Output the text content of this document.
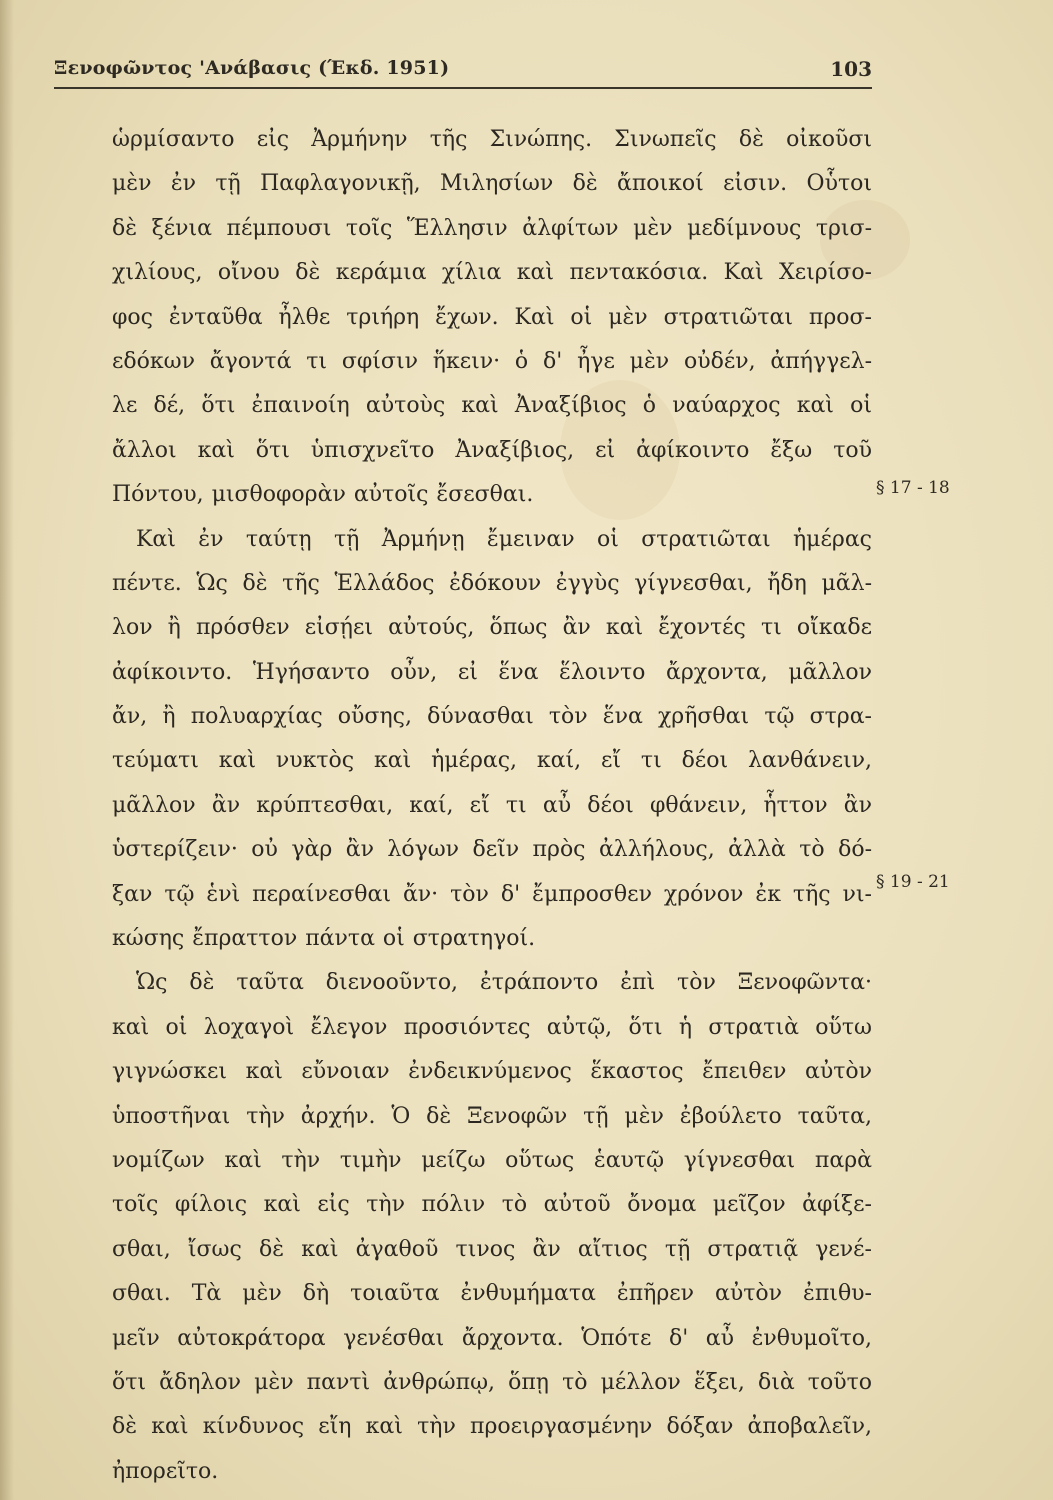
Ξενοφῶντος 'Ανάβασις (Έκδ. 1951)	103
ὡρμίσαντο εἰς Ἀρμήνην τῆς Σινώπης. Σινωπεῖς δὲ οἰκοῦσι
μὲν ἐν τῇ Παφλαγονικῇ, Μιλησίων δὲ ἄποικοί εἰσιν. Οὗτοι
δὲ ξένια πέμπουσι τοῖς Ἕλλησιν ἀλφίτων μὲν μεδίμνους τρισ-
χιλίους, οἴνου δὲ κεράμια χίλια καὶ πεντακόσια. Καὶ Χειρίσο-
φος ἐνταῦθα ἦλθε τριήρη ἔχων. Καὶ οἱ μὲν στρατιῶται προσ-
εδόκων ἄγοντά τι σφίσιν ἥκειν· ὁ δ' ἦγε μὲν οὐδέν, ἀπήγγελ-
λε δέ, ὅτι ἐπαινοίη αὐτοὺς καὶ Ἀναξίβιος ὁ ναύαρχος καὶ οἱ
ἄλλοι καὶ ὅτι ὑπισχνεῖτο Ἀναξίβιος, εἰ ἀφίκοιντο ἔξω τοῦ
Πόντου, μισθοφορὰν αὐτοῖς ἔσεσθαι.
Καὶ ἐν ταύτῃ τῇ Ἀρμήνῃ ἔμειναν οἱ στρατιῶται ἡμέρας
πέντε. Ὡς δὲ τῆς Ἑλλάδος ἐδόκουν ἐγγὺς γίγνεσθαι, ἤδη μᾶλ-
λον ἢ πρόσθεν εἰσῄει αὐτούς, ὅπως ἂν καὶ ἔχοντές τι οἴκαδε
ἀφίκοιντο. Ἡγήσαντο οὖν, εἰ ἕνα ἕλοιντο ἄρχοντα, μᾶλλον
ἄν, ἢ πολυαρχίας οὔσης, δύνασθαι τὸν ἕνα χρῆσθαι τῷ στρα-
τεύματι καὶ νυκτὸς καὶ ἡμέρας, καί, εἴ τι δέοι λανθάνειν,
μᾶλλον ἂν κρύπτεσθαι, καί, εἴ τι αὖ δέοι φθάνειν, ἧττον ἂν
ὑστερίζειν· οὐ γὰρ ἂν λόγων δεῖν πρὸς ἀλλήλους, ἀλλὰ τὸ δό-
ξαν τῷ ἑνὶ περαίνεσθαι ἄν· τὸν δ' ἔμπροσθεν χρόνον ἐκ τῆς νι-
κώσης ἔπραττον πάντα οἱ στρατηγοί.
Ὡς δὲ ταῦτα διενοοῦντο, ἐτράποντο ἐπὶ τὸν Ξενοφῶντα·
καὶ οἱ λοχαγοὶ ἔλεγον προσιόντες αὐτῷ, ὅτι ἡ στρατιὰ οὕτω
γιγνώσκει καὶ εὔνοιαν ἐνδεικνύμενος ἕκαστος ἔπειθεν αὐτὸν
ὑποστῆναι τὴν ἀρχήν. Ὁ δὲ Ξενοφῶν τῇ μὲν ἐβούλετο ταῦτα,
νομίζων καὶ τὴν τιμὴν μείζω οὕτως ἑαυτῷ γίγνεσθαι παρὰ
τοῖς φίλοις καὶ εἰς τὴν πόλιν τὸ αὐτοῦ ὄνομα μεῖζον ἀφίξε-
σθαι, ἴσως δὲ καὶ ἀγαθοῦ τινος ἂν αἴτιος τῇ στρατιᾷ γενέ-
σθαι. Τὰ μὲν δὴ τοιαῦτα ἐνθυμήματα ἐπῆρεν αὐτὸν ἐπιθυ-
μεῖν αὐτοκράτορα γενέσθαι ἄρχοντα. Ὁπότε δ' αὖ ἐνθυμοῖτο,
ὅτι ἄδηλον μὲν παντὶ ἀνθρώπῳ, ὅπῃ τὸ μέλλον ἕξει, διὰ τοῦτο
δὲ καὶ κίνδυνος εἴη καὶ τὴν προειργασμένην δόξαν ἀποβαλεῖν,
ἠπορεῖτο.
§ 17 - 18
§ 19 - 21
